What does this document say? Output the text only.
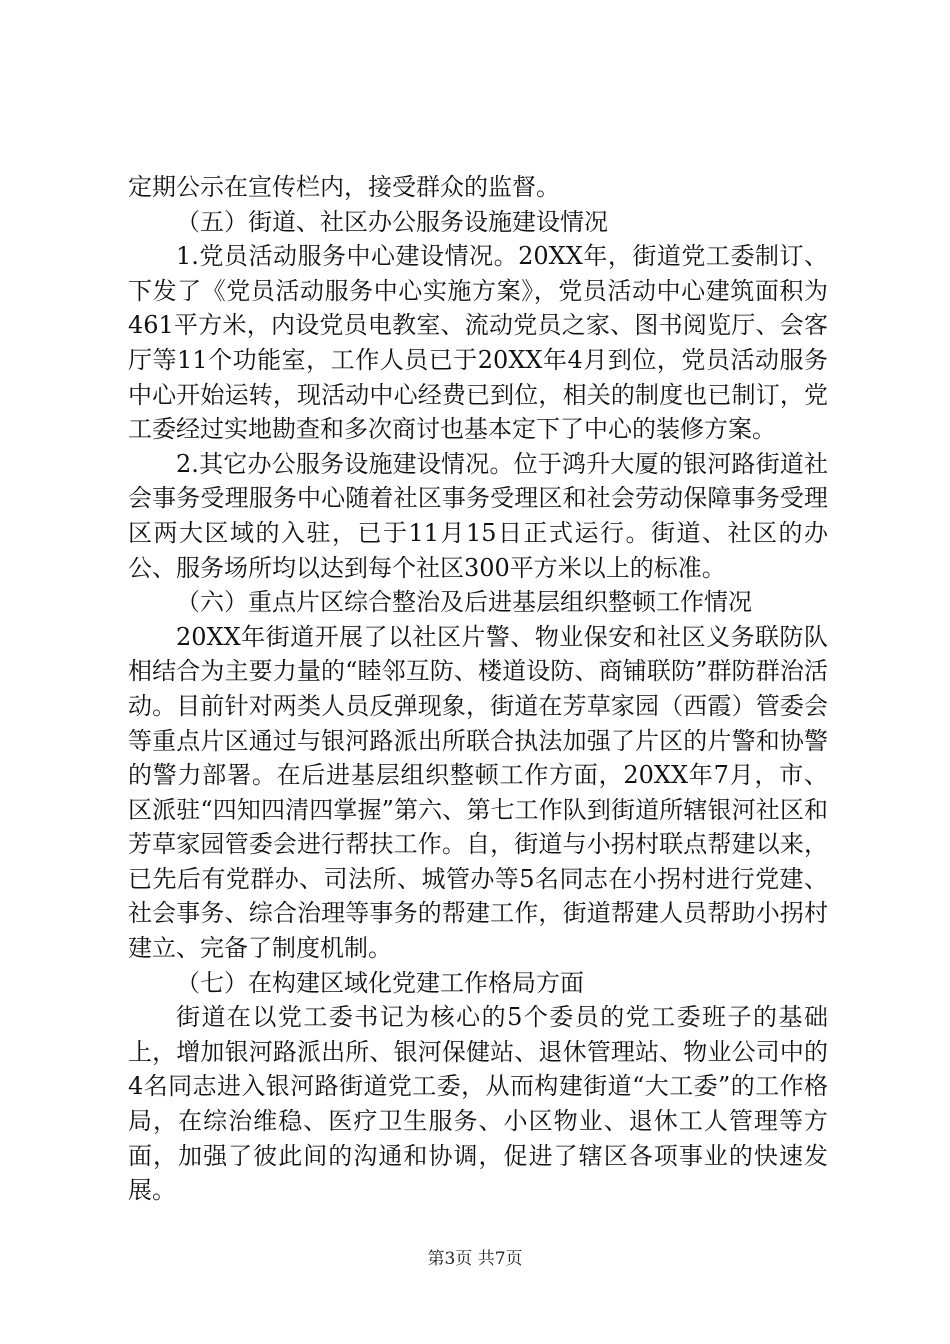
定期公示在宣传栏内，接受群众的监督。

（五）街道、社区办公服务设施建设情况

1.党员活动服务中心建设情况。20XX年，街道党工委制订、下发了《党员活动服务中心实施方案》，党员活动中心建筑面积为461平方米，内设党员电教室、流动党员之家、图书阅览厅、会客厅等11个功能室，工作人员已于20XX年4月到位，党员活动服务中心开始运转，现活动中心经费已到位，相关的制度也已制订，党工委经过实地勘查和多次商讨也基本定下了中心的装修方案。

2.其它办公服务设施建设情况。位于鸿升大厦的银河路街道社会事务受理服务中心随着社区事务受理区和社会劳动保障事务受理区两大区域的入驻，已于11月15日正式运行。街道、社区的办公、服务场所均以达到每个社区300平方米以上的标准。

（六）重点片区综合整治及后进基层组织整顿工作情况

20XX年街道开展了以社区片警、物业保安和社区义务联防队相结合为主要力量的“睦邻互防、楼道设防、商铺联防”群防群治活动。目前针对两类人员反弹现象，街道在芳草家园（西霞）管委会等重点片区通过与银河路派出所联合执法加强了片区的片警和协警的警力部署。在后进基层组织整顿工作方面，20XX年7月，市、区派驻“四知四清四掌握”第六、第七工作队到街道所辖银河社区和芳草家园管委会进行帮扶工作。自，街道与小拐村联点帮建以来，已先后有党群办、司法所、城管办等5名同志在小拐村进行党建、社会事务、综合治理等事务的帮建工作，街道帮建人员帮助小拐村建立、完备了制度机制。

（七）在构建区域化党建工作格局方面

街道在以党工委书记为核心的5个委员的党工委班子的基础上，增加银河路派出所、银河保健站、退休管理站、物业公司中的4名同志进入银河路街道党工委，从而构建街道“大工委”的工作格局，在综治维稳、医疗卫生服务、小区物业、退休工人管理等方面，加强了彼此间的沟通和协调，促进了辖区各项事业的快速发展。

第3页 共7页
